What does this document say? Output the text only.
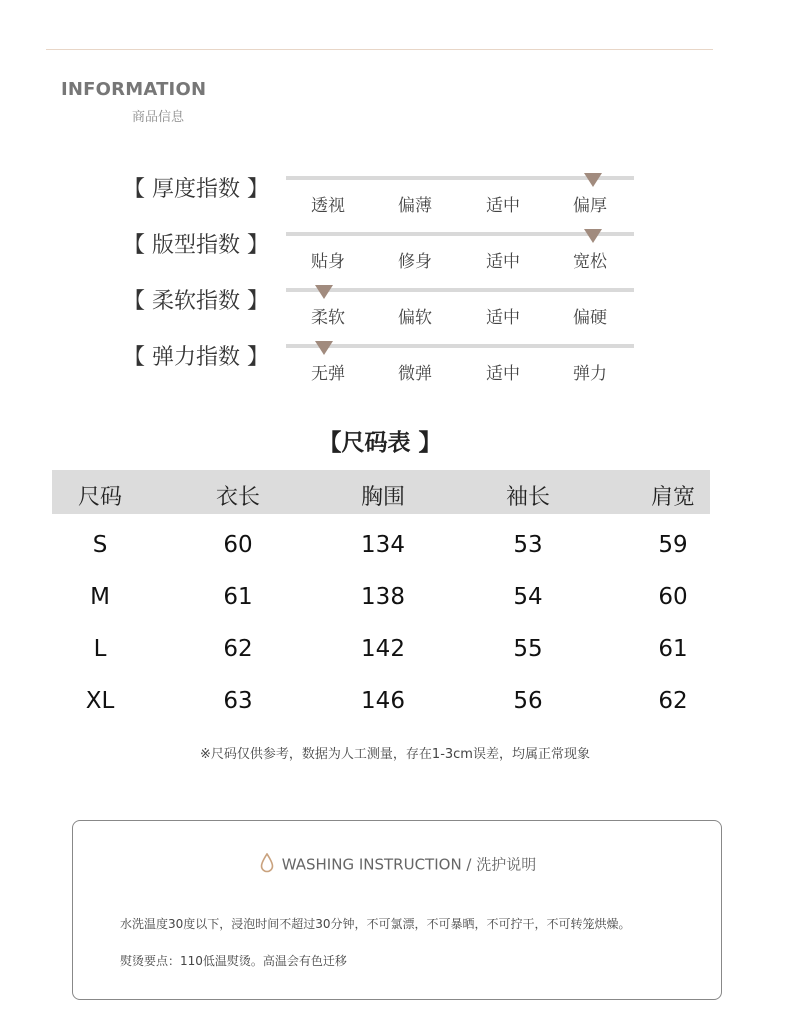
INFORMATION
商品信息
【 厚度指数 】
透视	偏薄	适中	偏厚
【 版型指数 】
贴身	修身	适中	宽松
【 柔软指数 】
柔软	偏软	适中	偏硬
【 弹力指数 】
无弹	微弹	适中	弹力
【尺码表 】
尺码	衣长	胸围	袖长	肩宽
S	60	134	53	59
M	61	138	54	60
L	62	142	55	61
XL	63	146	56	62
※尺码仅供参考，数据为人工测量，存在1-3cm误差，均属正常现象
WASHING INSTRUCTION / 洗护说明
水洗温度30度以下，浸泡时间不超过30分钟，不可氯漂，不可暴晒，不可拧干，不可转笼烘燥。
熨烫要点：110低温熨烫。高温会有色迁移
